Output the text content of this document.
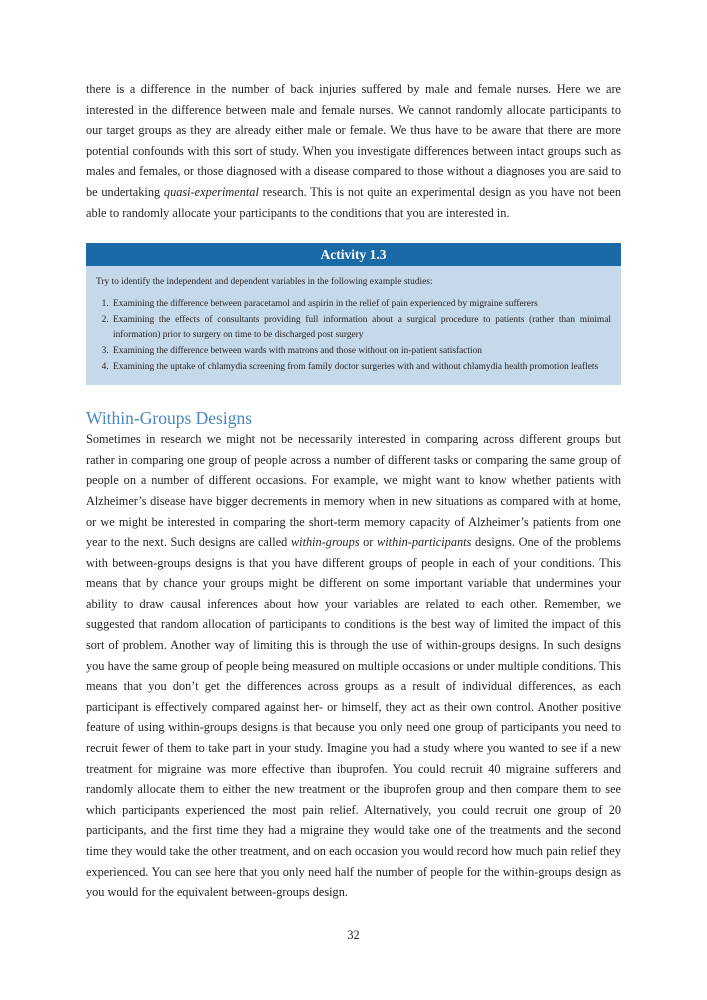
there is a difference in the number of back injuries suffered by male and female nurses. Here we are interested in the difference between male and female nurses. We cannot randomly allocate participants to our target groups as they are already either male or female. We thus have to be aware that there are more potential confounds with this sort of study. When you investigate differences between intact groups such as males and females, or those diagnosed with a disease compared to those without a diagnoses you are said to be undertaking quasi-experimental research. This is not quite an experimental design as you have not been able to randomly allocate your participants to the conditions that you are interested in.

Activity 1.3

Try to identify the independent and dependent variables in the following example studies:

1. Examining the difference between paracetamol and aspirin in the relief of pain experienced by migraine sufferers
2. Examining the effects of consultants providing full information about a surgical procedure to patients (rather than minimal information) prior to surgery on time to be discharged post surgery
3. Examining the difference between wards with matrons and those without on in-patient satisfaction
4. Examining the uptake of chlamydia screening from family doctor surgeries with and without chlamydia health promotion leaflets
Within-Groups Designs

Sometimes in research we might not be necessarily interested in comparing across different groups but rather in comparing one group of people across a number of different tasks or comparing the same group of people on a number of different occasions. For example, we might want to know whether patients with Alzheimer’s disease have bigger decrements in memory when in new situations as compared with at home, or we might be interested in comparing the short-term memory capacity of Alzheimer’s patients from one year to the next. Such designs are called within-groups or within-participants designs. One of the problems with between-groups designs is that you have different groups of people in each of your conditions. This means that by chance your groups might be different on some important variable that undermines your ability to draw causal inferences about how your variables are related to each other. Remember, we suggested that random allocation of participants to conditions is the best way of limited the impact of this sort of problem. Another way of limiting this is through the use of within-groups designs. In such designs you have the same group of people being measured on multiple occasions or under multiple conditions. This means that you don’t get the differences across groups as a result of individual differences, as each participant is effectively compared against her- or himself, they act as their own control. Another positive feature of using within-groups designs is that because you only need one group of participants you need to recruit fewer of them to take part in your study. Imagine you had a study where you wanted to see if a new treatment for migraine was more effective than ibuprofen. You could recruit 40 migraine sufferers and randomly allocate them to either the new treatment or the ibuprofen group and then compare them to see which participants experienced the most pain relief. Alternatively, you could recruit one group of 20 participants, and the first time they had a migraine they would take one of the treatments and the second time they would take the other treatment, and on each occasion you would record how much pain relief they experienced. You can see here that you only need half the number of people for the within-groups design as you would for the equivalent between-groups design.

32
